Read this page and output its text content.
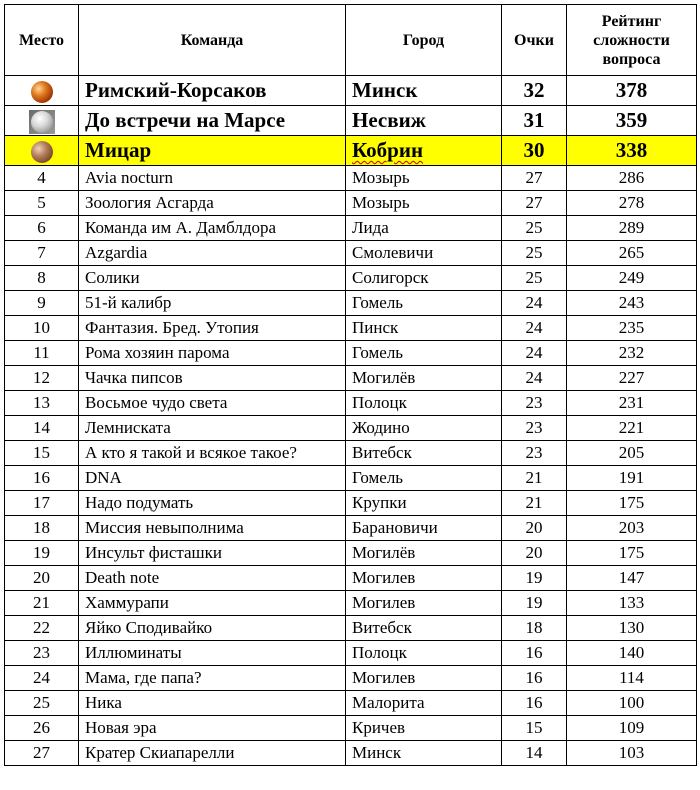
Место	Команда	Город	Очки	Рейтинг сложности вопроса
	Римский-Корсаков	Минск	32	378
	До встречи на Марсе	Несвиж	31	359
	Мицар	Кобрин	30	338
4	Avia nocturn	Мозырь	27	286
5	Зоология Асгарда	Мозырь	27	278
6	Команда им А. Дамблдора	Лида	25	289
7	Azgardia	Смолевичи	25	265
8	Солики	Солигорск	25	249
9	51-й калибр	Гомель	24	243
10	Фантазия. Бред. Утопия	Пинск	24	235
11	Рома хозяин парома	Гомель	24	232
12	Чачка пипсов	Могилёв	24	227
13	Восьмое чудо света	Полоцк	23	231
14	Лемниската	Жодино	23	221
15	А кто я такой и всякое такое?	Витебск	23	205
16	DNA	Гомель	21	191
17	Надо подумать	Крупки	21	175
18	Миссия невыполнима	Барановичи	20	203
19	Инсульт фисташки	Могилёв	20	175
20	Death note	Могилев	19	147
21	Хаммурапи	Могилев	19	133
22	Яйко Сподивайко	Витебск	18	130
23	Иллюминаты	Полоцк	16	140
24	Мама, где папа?	Могилев	16	114
25	Ника	Малорита	16	100
26	Новая эра	Кричев	15	109
27	Кратер Скиапарелли	Минск	14	103
